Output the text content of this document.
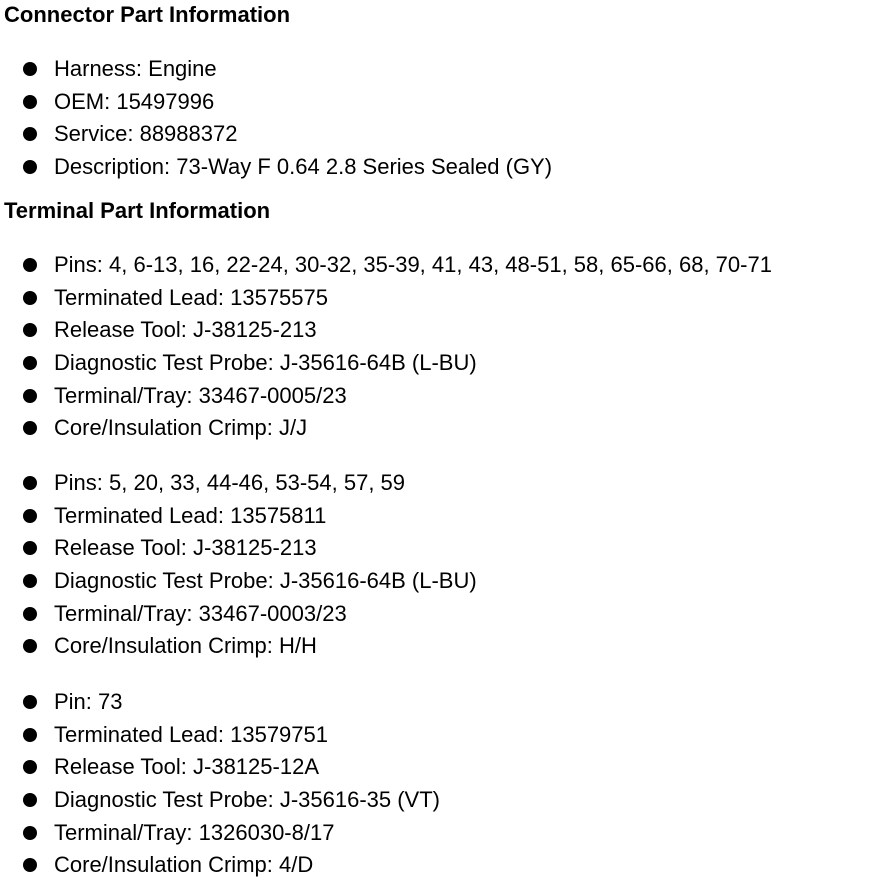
Connector Part Information
Harness: Engine
OEM: 15497996
Service: 88988372
Description: 73-Way F 0.64 2.8 Series Sealed (GY)
Terminal Part Information
Pins: 4, 6-13, 16, 22-24, 30-32, 35-39, 41, 43, 48-51, 58, 65-66, 68, 70-71
Terminated Lead: 13575575
Release Tool: J-38125-213
Diagnostic Test Probe: J-35616-64B (L-BU)
Terminal/Tray: 33467-0005/23
Core/Insulation Crimp: J/J
Pins: 5, 20, 33, 44-46, 53-54, 57, 59
Terminated Lead: 13575811
Release Tool: J-38125-213
Diagnostic Test Probe: J-35616-64B (L-BU)
Terminal/Tray: 33467-0003/23
Core/Insulation Crimp: H/H
Pin: 73
Terminated Lead: 13579751
Release Tool: J-38125-12A
Diagnostic Test Probe: J-35616-35 (VT)
Terminal/Tray: 1326030-8/17
Core/Insulation Crimp: 4/D
